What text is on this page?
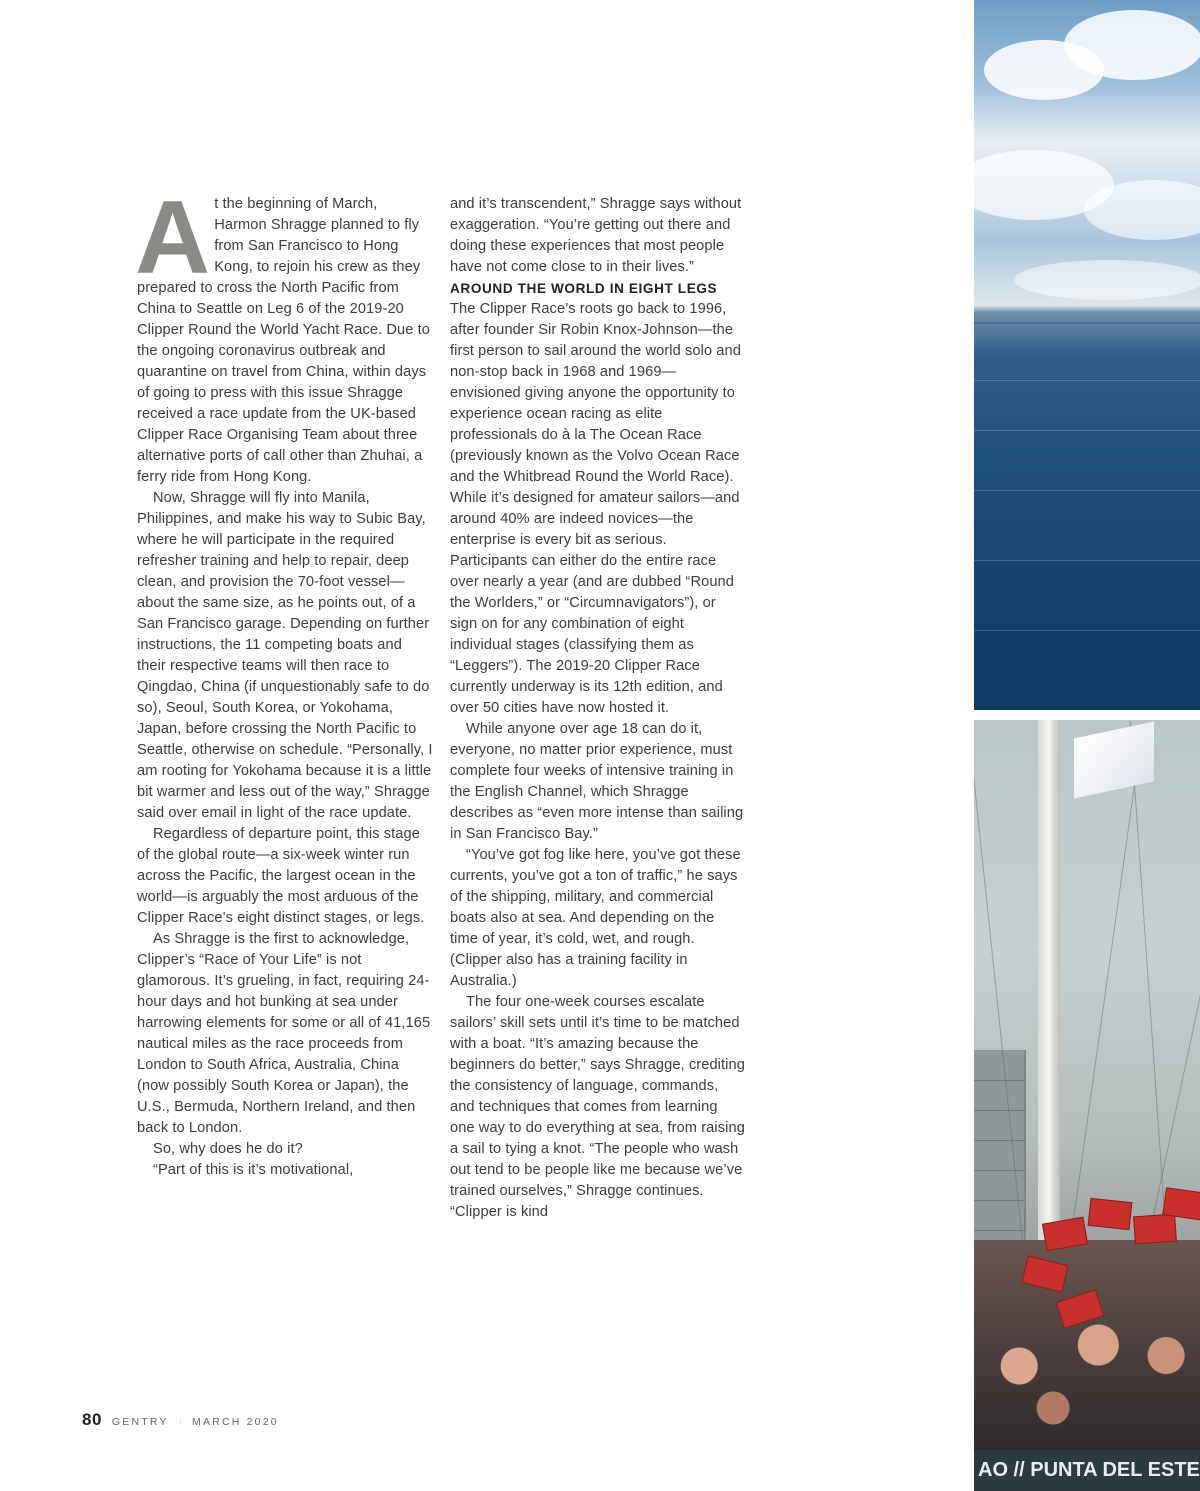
A t the beginning of March, Harmon Shragge planned to fly from San Francisco to Hong Kong, to rejoin his crew as they prepared to cross the North Pacific from China to Seattle on Leg 6 of the 2019-20 Clipper Round the World Yacht Race. Due to the ongoing coronavirus outbreak and quarantine on travel from China, within days of going to press with this issue Shragge received a race update from the UK-based Clipper Race Organising Team about three alternative ports of call other than Zhuhai, a ferry ride from Hong Kong.

Now, Shragge will fly into Manila, Philippines, and make his way to Subic Bay, where he will participate in the required refresher training and help to repair, deep clean, and provision the 70-foot vessel—about the same size, as he points out, of a San Francisco garage. Depending on further instructions, the 11 competing boats and their respective teams will then race to Qingdao, China (if unquestionably safe to do so), Seoul, South Korea, or Yokohama, Japan, before crossing the North Pacific to Seattle, otherwise on schedule. “Personally, I am rooting for Yokohama because it is a little bit warmer and less out of the way,” Shragge said over email in light of the race update.

Regardless of departure point, this stage of the global route—a six-week winter run across the Pacific, the largest ocean in the world—is arguably the most arduous of the Clipper Race’s eight distinct stages, or legs.

As Shragge is the first to acknowledge, Clipper’s “Race of Your Life” is not glamorous. It’s grueling, in fact, requiring 24-hour days and hot bunking at sea under harrowing elements for some or all of 41,165 nautical miles as the race proceeds from London to South Africa, Australia, China (now possibly South Korea or Japan), the U.S., Bermuda, Northern Ireland, and then back to London.

So, why does he do it?

“Part of this is it’s motivational,

and it’s transcendent,” Shragge says without exaggeration. “You’re getting out there and doing these experiences that most people have not come close to in their lives.”

AROUND THE WORLD IN EIGHT LEGS

The Clipper Race’s roots go back to 1996, after founder Sir Robin Knox-Johnson—the first person to sail around the world solo and non-stop back in 1968 and 1969—envisioned giving anyone the opportunity to experience ocean racing as elite professionals do à la The Ocean Race (previously known as the Volvo Ocean Race and the Whitbread Round the World Race). While it’s designed for amateur sailors—and around 40% are indeed novices—the enterprise is every bit as serious. Participants can either do the entire race over nearly a year (and are dubbed “Round the Worlders,” or “Circumnavigators”), or sign on for any combination of eight individual stages (classifying them as “Leggers”). The 2019-20 Clipper Race currently underway is its 12th edition, and over 50 cities have now hosted it.

While anyone over age 18 can do it, everyone, no matter prior experience, must complete four weeks of intensive training in the English Channel, which Shragge describes as “even more intense than sailing in San Francisco Bay.”

“You’ve got fog like here, you’ve got these currents, you’ve got a ton of traffic,” he says of the shipping, military, and commercial boats also at sea. And depending on the time of year, it’s cold, wet, and rough. (Clipper also has a training facility in Australia.)

The four one-week courses escalate sailors’ skill sets until it’s time to be matched with a boat. “It’s amazing because the beginners do better,” says Shragge, crediting the consistency of language, commands, and techniques that comes from learning one way to do everything at sea, from raising a sail to tying a knot. “The people who wash out tend to be people like me because we’ve trained ourselves,” Shragge continues. “Clipper is kind

80 GENTRY · MARCH 2020
AO // PUNTA DEL ESTE
